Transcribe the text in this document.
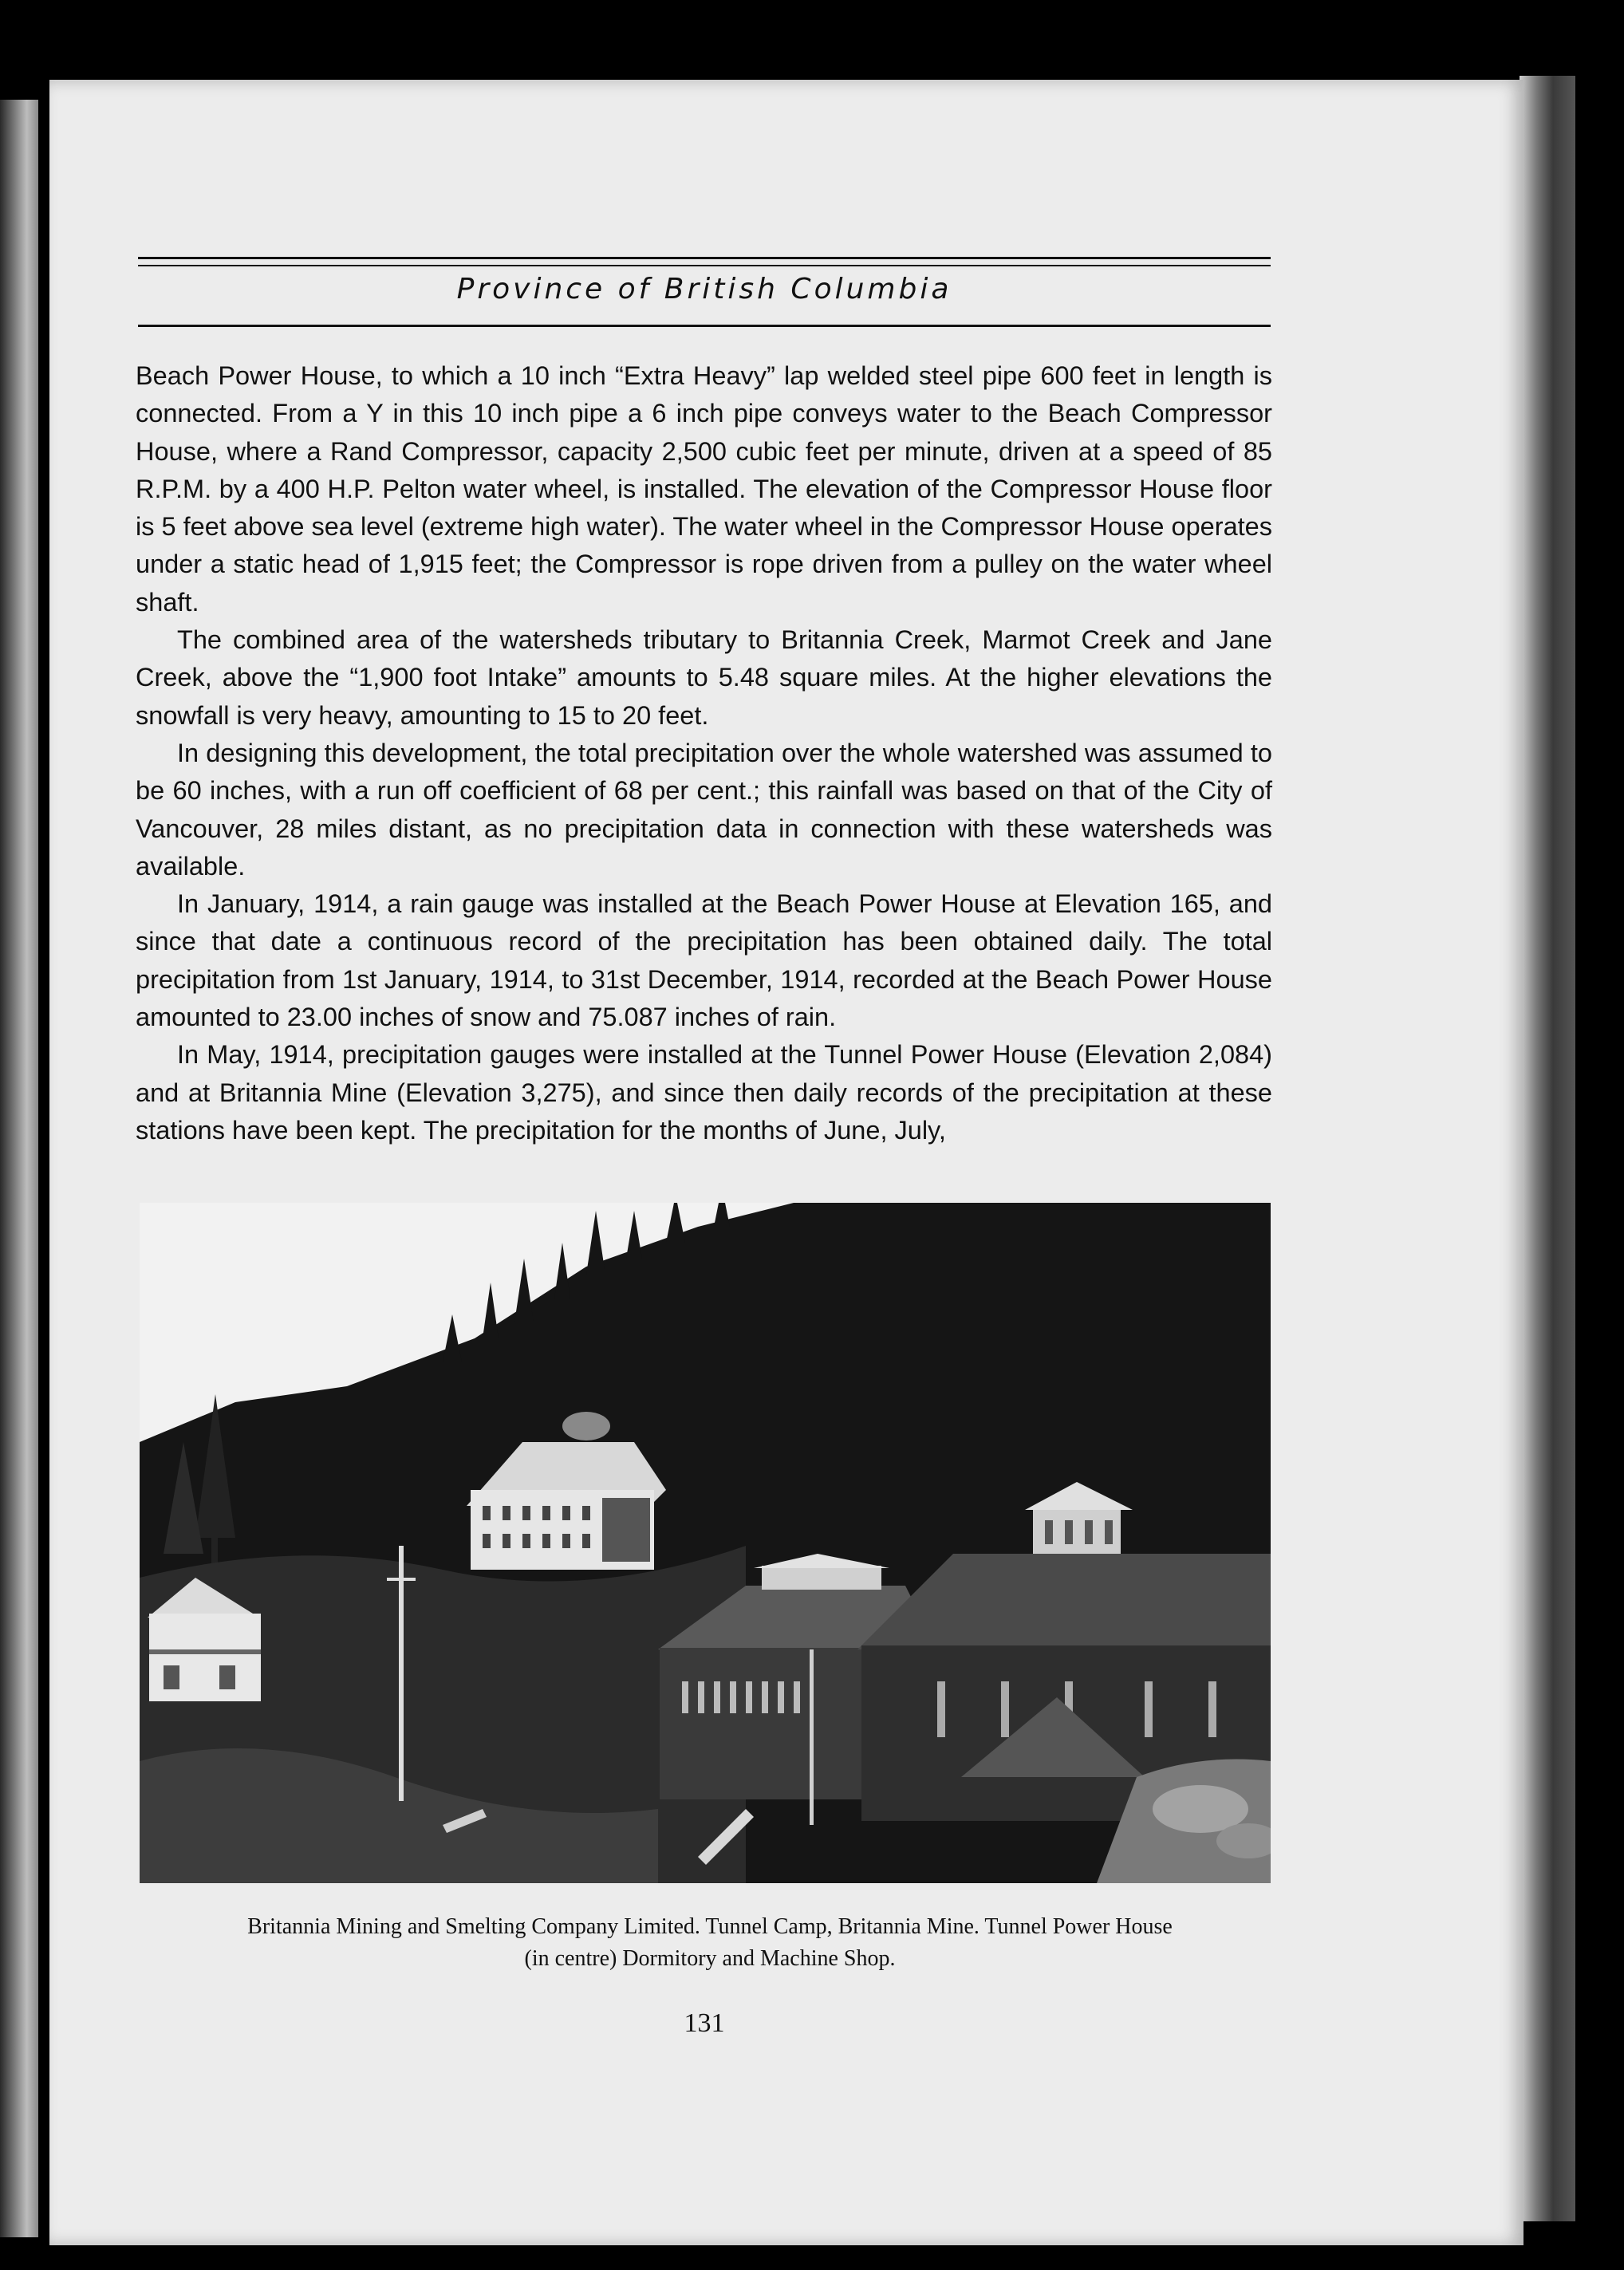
Province of British Columbia

Beach Power House, to which a 10 inch “Extra Heavy” lap welded steel pipe 600 feet in length is connected. From a Y in this 10 inch pipe a 6 inch pipe conveys water to the Beach Compressor House, where a Rand Compressor, capacity 2,500 cubic feet per minute, driven at a speed of 85 R.P.M. by a 400 H.P. Pelton water wheel, is installed. The elevation of the Compressor House floor is 5 feet above sea level (extreme high water). The water wheel in the Compressor House operates under a static head of 1,915 feet; the Compressor is rope driven from a pulley on the water wheel shaft.

The combined area of the watersheds tributary to Britannia Creek, Marmot Creek and Jane Creek, above the “1,900 foot Intake” amounts to 5.48 square miles. At the higher elevations the snowfall is very heavy, amounting to 15 to 20 feet.

In designing this development, the total precipitation over the whole watershed was assumed to be 60 inches, with a run off coefficient of 68 per cent.; this rainfall was based on that of the City of Vancouver, 28 miles distant, as no precipitation data in connection with these watersheds was available.

In January, 1914, a rain gauge was installed at the Beach Power House at Elevation 165, and since that date a continuous record of the precipitation has been obtained daily. The total precipitation from 1st January, 1914, to 31st December, 1914, recorded at the Beach Power House amounted to 23.00 inches of snow and 75.087 inches of rain.

In May, 1914, precipitation gauges were installed at the Tunnel Power House (Elevation 2,084) and at Britannia Mine (Elevation 3,275), and since then daily records of the precipitation at these stations have been kept. The precipitation for the months of June, July,

Britannia Mining and Smelting Company Limited. Tunnel Camp, Britannia Mine. Tunnel Power House
(in centre) Dormitory and Machine Shop.
131
